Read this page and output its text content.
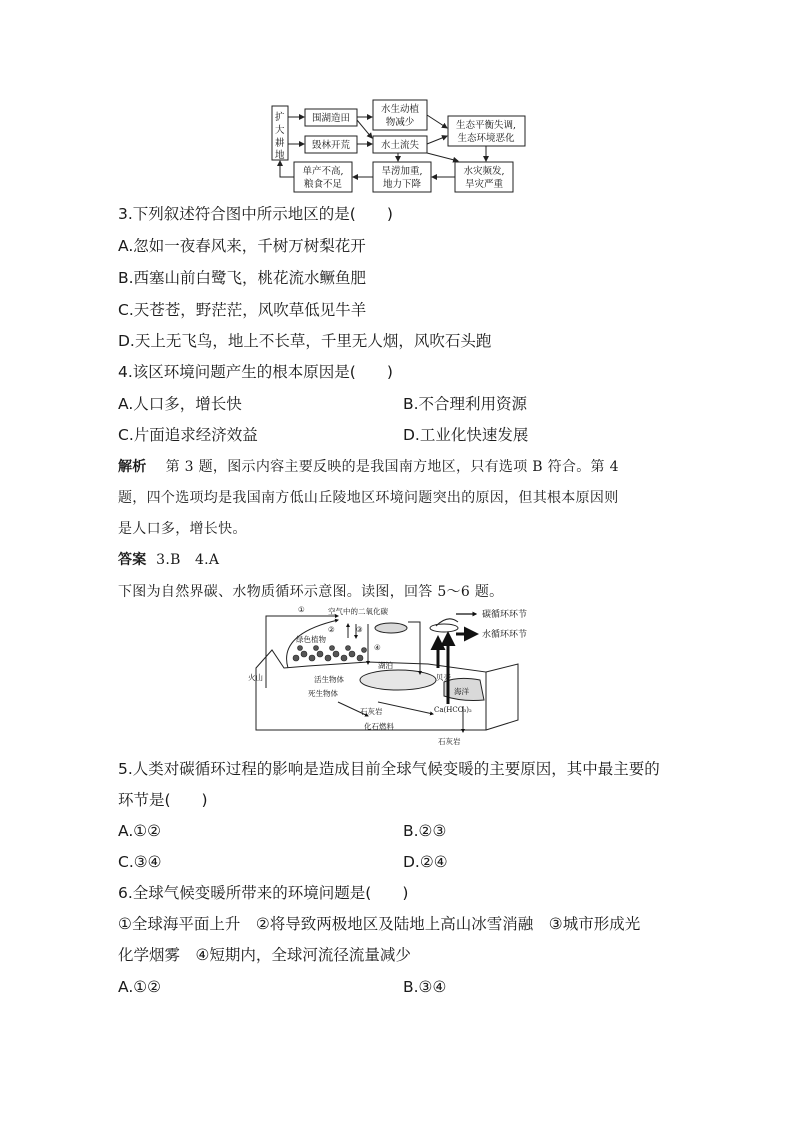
扩
大
耕
地
围湖造田
毁林开荒
水生动植
物减少
水土流失
生态平衡失调,
生态环境恶化
单产不高,
粮食不足
旱涝加重,
地力下降
水灾频发,
旱灾严重
3.下列叙述符合图中所示地区的是(　　)
A.忽如一夜春风来，千树万树梨花开
B.西塞山前白鹭飞，桃花流水鳜鱼肥
C.天苍苍，野茫茫，风吹草低见牛羊
D.天上无飞鸟，地上不长草，千里无人烟，风吹石头跑
4.该区环境问题产生的根本原因是(　　)
A.人口多，增长快	B.不合理利用资源
C.片面追求经济效益	D.工业化快速发展
解析 第 3 题，图示内容主要反映的是我国南方地区，只有选项 B 符合。第 4
题，四个选项均是我国南方低山丘陵地区环境问题突出的原因，但其根本原因则
是人口多，增长快。
答案 3.B　4.A
下图为自然界碳、水物质循环示意图。读图，回答 5～6 题。
空气中的二氧化碳
绿色植物
活生物体
死生物体
火山
湖泊
石灰岩
化石燃料
Ca(HCO₃)₂
石灰岩
贝壳
海洋
①
②	③
④
碳循环环节
水循环环节
5.人类对碳循环过程的影响是造成目前全球气候变暖的主要原因，其中最主要的
环节是(　　)
A.①②	B.②③
C.③④	D.②④
6.全球气候变暖所带来的环境问题是(　　)
①全球海平面上升　②将导致两极地区及陆地上高山冰雪消融　③城市形成光
化学烟雾　④短期内，全球河流径流量减少
A.①②	B.③④
